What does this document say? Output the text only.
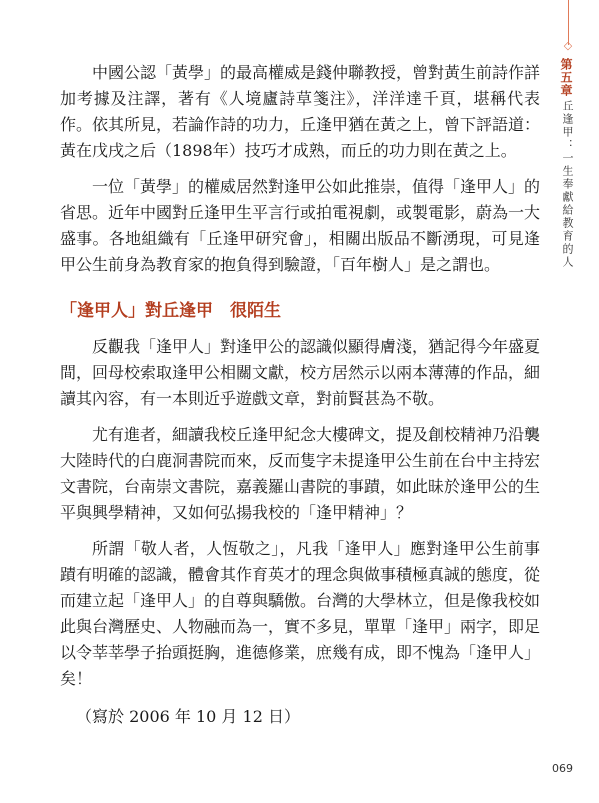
中國公認「黃學」的最高權威是錢仲聯教授，曾對黃生前詩作詳加考據及注譯，著有《人境廬詩草箋注》，洋洋達千頁，堪稱代表作。依其所見，若論作詩的功力，丘逢甲猶在黃之上，曾下評語道：黃在戊戌之后（1898年）技巧才成熟，而丘的功力則在黃之上。

一位「黃學」的權威居然對逢甲公如此推崇，值得「逢甲人」的省思。近年中國對丘逢甲生平言行或拍電視劇，或製電影，蔚為一大盛事。各地組織有「丘逢甲研究會」，相關出版品不斷湧現，可見逢甲公生前身為教育家的抱負得到驗證，「百年樹人」是之謂也。

「逢甲人」對丘逢甲　很陌生

反觀我「逢甲人」對逢甲公的認識似顯得膚淺，猶記得今年盛夏間，回母校索取逢甲公相關文獻，校方居然示以兩本薄薄的作品，細讀其內容，有一本則近乎遊戲文章，對前賢甚為不敬。

尤有進者，細讀我校丘逢甲紀念大樓碑文，提及創校精神乃沿襲大陸時代的白鹿洞書院而來，反而隻字未提逢甲公生前在台中主持宏文書院，台南崇文書院，嘉義羅山書院的事蹟，如此昧於逢甲公的生平與興學精神，又如何弘揚我校的「逢甲精神」？

所謂「敬人者，人恆敬之」，凡我「逢甲人」應對逢甲公生前事蹟有明確的認識，體會其作育英才的理念與做事積極真誠的態度，從而建立起「逢甲人」的自尊與驕傲。台灣的大學林立，但是像我校如此與台灣歷史、人物融而為一，實不多見，單單「逢甲」兩字，即足以令莘莘學子抬頭挺胸，進德修業，庶幾有成，即不愧為「逢甲人」矣！

（寫於 2006 年 10 月 12 日）

◇
第五章
丘逢甲：一生奉獻給教育的人
069
